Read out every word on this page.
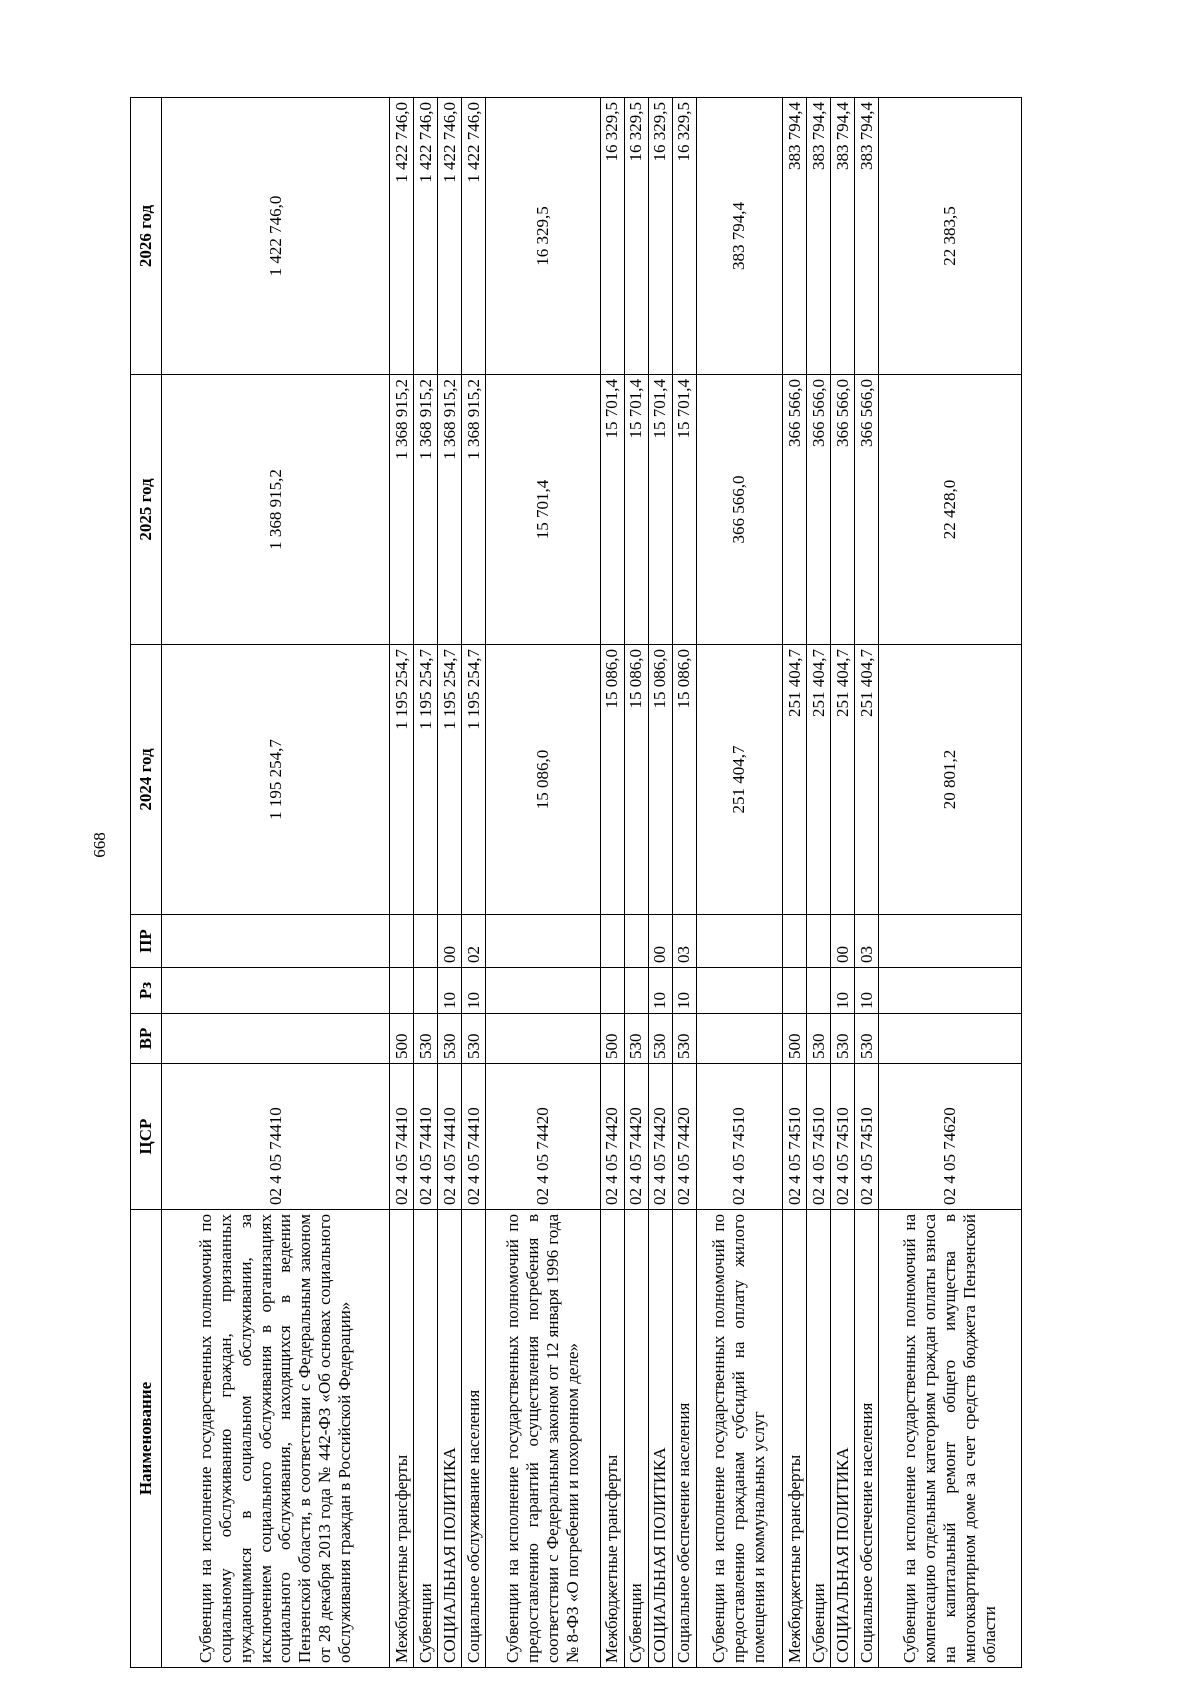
668
Наименование	ЦСР	ВР	Рз	ПР	2024 год	2025 год	2026 год
Субвенции на исполнение государственных полномочий по социальному обслуживанию граждан, признанных нуждающимися в социальном обслуживании, за исключением социального обслуживания в организациях социального обслуживания, находящихся в ведении Пензенской области, в соответствии с Федеральным законом от 28 декабря 2013 года № 442-ФЗ «Об основах социального обслуживания граждан в Российской Федерации»	02 4 05 74410				1 195 254,7	1 368 915,2	1 422 746,0
Межбюджетные трансферты	02 4 05 74410	500			1 195 254,7	1 368 915,2	1 422 746,0
Субвенции	02 4 05 74410	530			1 195 254,7	1 368 915,2	1 422 746,0
СОЦИАЛЬНАЯ ПОЛИТИКА	02 4 05 74410	530	10	00	1 195 254,7	1 368 915,2	1 422 746,0
Социальное обслуживание населения	02 4 05 74410	530	10	02	1 195 254,7	1 368 915,2	1 422 746,0
Субвенции на исполнение государственных полномочий по предоставлению гарантий осуществления погребения в соответствии с Федеральным законом от 12 января 1996 года № 8-ФЗ «О погребении и похоронном деле»	02 4 05 74420				15 086,0	15 701,4	16 329,5
Межбюджетные трансферты	02 4 05 74420	500			15 086,0	15 701,4	16 329,5
Субвенции	02 4 05 74420	530			15 086,0	15 701,4	16 329,5
СОЦИАЛЬНАЯ ПОЛИТИКА	02 4 05 74420	530	10	00	15 086,0	15 701,4	16 329,5
Социальное обеспечение населения	02 4 05 74420	530	10	03	15 086,0	15 701,4	16 329,5
Субвенции на исполнение государственных полномочий по предоставлению гражданам субсидий на оплату жилого помещения и коммунальных услуг	02 4 05 74510				251 404,7	366 566,0	383 794,4
Межбюджетные трансферты	02 4 05 74510	500			251 404,7	366 566,0	383 794,4
Субвенции	02 4 05 74510	530			251 404,7	366 566,0	383 794,4
СОЦИАЛЬНАЯ ПОЛИТИКА	02 4 05 74510	530	10	00	251 404,7	366 566,0	383 794,4
Социальное обеспечение населения	02 4 05 74510	530	10	03	251 404,7	366 566,0	383 794,4
Субвенции на исполнение государственных полномочий на компенсацию отдельным категориям граждан оплаты взноса на капитальный ремонт общего имущества в многоквартирном доме за счет средств бюджета Пензенской области	02 4 05 74620				20 801,2	22 428,0	22 383,5
